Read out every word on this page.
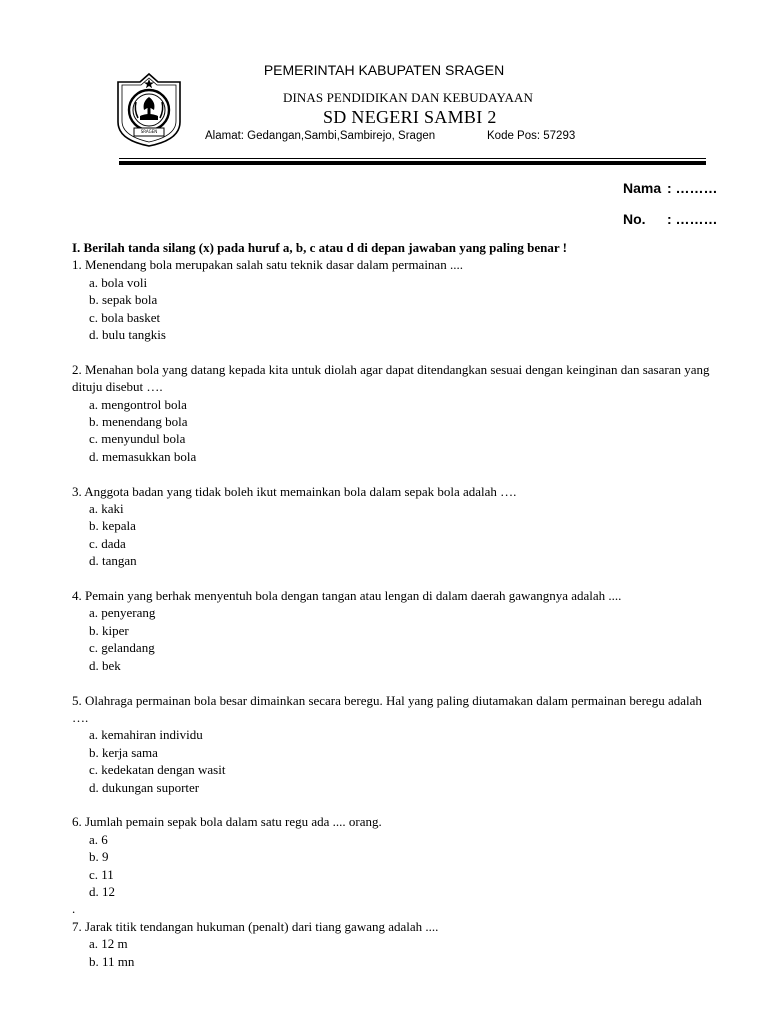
SRAGEN
PEMERINTAH KABUPATEN SRAGEN
DINAS PENDIDIKAN DAN KEBUDAYAAN
SD NEGERI SAMBI 2
Alamat: Gedangan,Sambi,Sambirejo, Sragen	Kode Pos: 57293
Nama : ………
No. : ………
I. Berilah tanda silang (x) pada huruf a, b, c atau d di depan jawaban yang paling benar !
1. Menendang bola merupakan salah satu teknik dasar dalam permainan ....
a. bola voli
b. sepak bola
c. bola basket
d. bulu tangkis
2. Menahan bola yang datang kepada kita untuk diolah agar dapat ditendangkan sesuai dengan keinginan dan sasaran yang dituju disebut ….
a. mengontrol bola
b. menendang bola
c. menyundul bola
d. memasukkan bola
3. Anggota badan yang tidak boleh ikut memainkan bola dalam sepak bola adalah ….
a. kaki
b. kepala
c. dada
d. tangan
4. Pemain yang berhak menyentuh bola dengan tangan atau lengan di dalam daerah gawangnya adalah ....
a. penyerang
b. kiper
c. gelandang
d. bek
5. Olahraga permainan bola besar dimainkan secara beregu. Hal yang paling diutamakan dalam permainan beregu adalah ….
a. kemahiran individu
b. kerja sama
c. kedekatan dengan wasit
d. dukungan suporter
6. Jumlah pemain sepak bola dalam satu regu ada .... orang.
a. 6
b. 9
c. 11
d. 12
.
7. Jarak titik tendangan hukuman (penalt) dari tiang gawang adalah ....
a. 12 m
b. 11 mn
